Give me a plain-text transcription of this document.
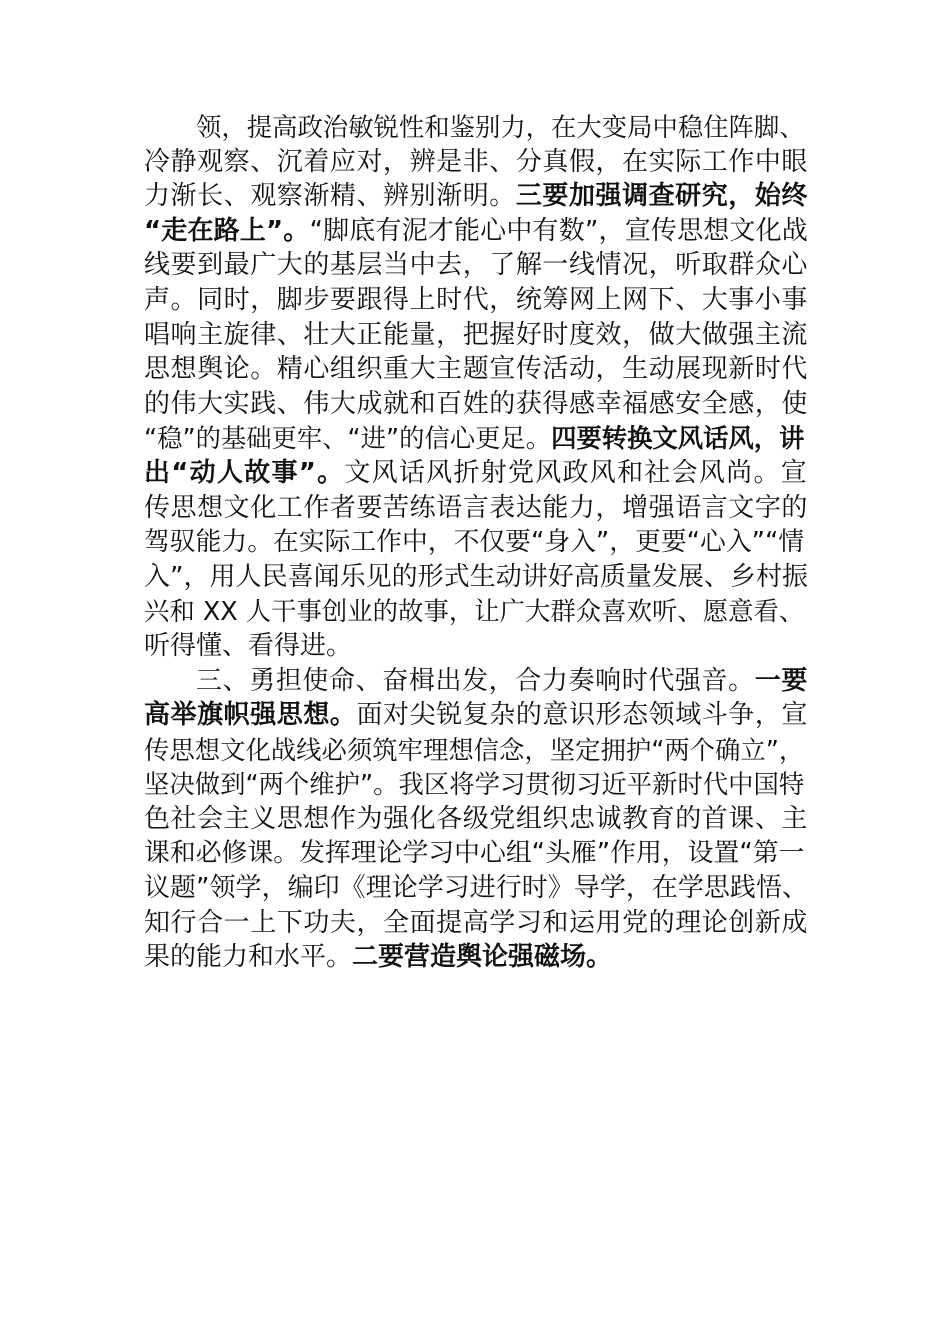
领，提高政治敏锐性和鉴别力，在大变局中稳住阵脚、
冷静观察、沉着应对，辨是非、分真假，在实际工作中眼
力渐长、观察渐精、辨别渐明。三要加强调查研究，始终
“走在路上”。“脚底有泥才能心中有数”，宣传思想文化战
线要到最广大的基层当中去，了解一线情况，听取群众心
声。同时，脚步要跟得上时代，统筹网上网下、大事小事
唱响主旋律、壮大正能量，把握好时度效，做大做强主流
思想舆论。精心组织重大主题宣传活动，生动展现新时代
的伟大实践、伟大成就和百姓的获得感幸福感安全感，使
“稳”的基础更牢、“进”的信心更足。四要转换文风话风，讲
出“动人故事”。文风话风折射党风政风和社会风尚。宣
传思想文化工作者要苦练语言表达能力，增强语言文字的
驾驭能力。在实际工作中，不仅要“身入”，更要“心入”“情
入”，用人民喜闻乐见的形式生动讲好高质量发展、乡村振
兴和 XX 人干事创业的故事，让广大群众喜欢听、愿意看、
听得懂、看得进。
三、勇担使命、奋楫出发，合力奏响时代强音。一要
高举旗帜强思想。面对尖锐复杂的意识形态领域斗争，宣
传思想文化战线必须筑牢理想信念，坚定拥护“两个确立”，
坚决做到“两个维护”。我区将学习贯彻习近平新时代中国特
色社会主义思想作为强化各级党组织忠诚教育的首课、主
课和必修课。发挥理论学习中心组“头雁”作用，设置“第一
议题”领学，编印《理论学习进行时》导学，在学思践悟、
知行合一上下功夫，全面提高学习和运用党的理论创新成
果的能力和水平。二要营造舆论强磁场。
